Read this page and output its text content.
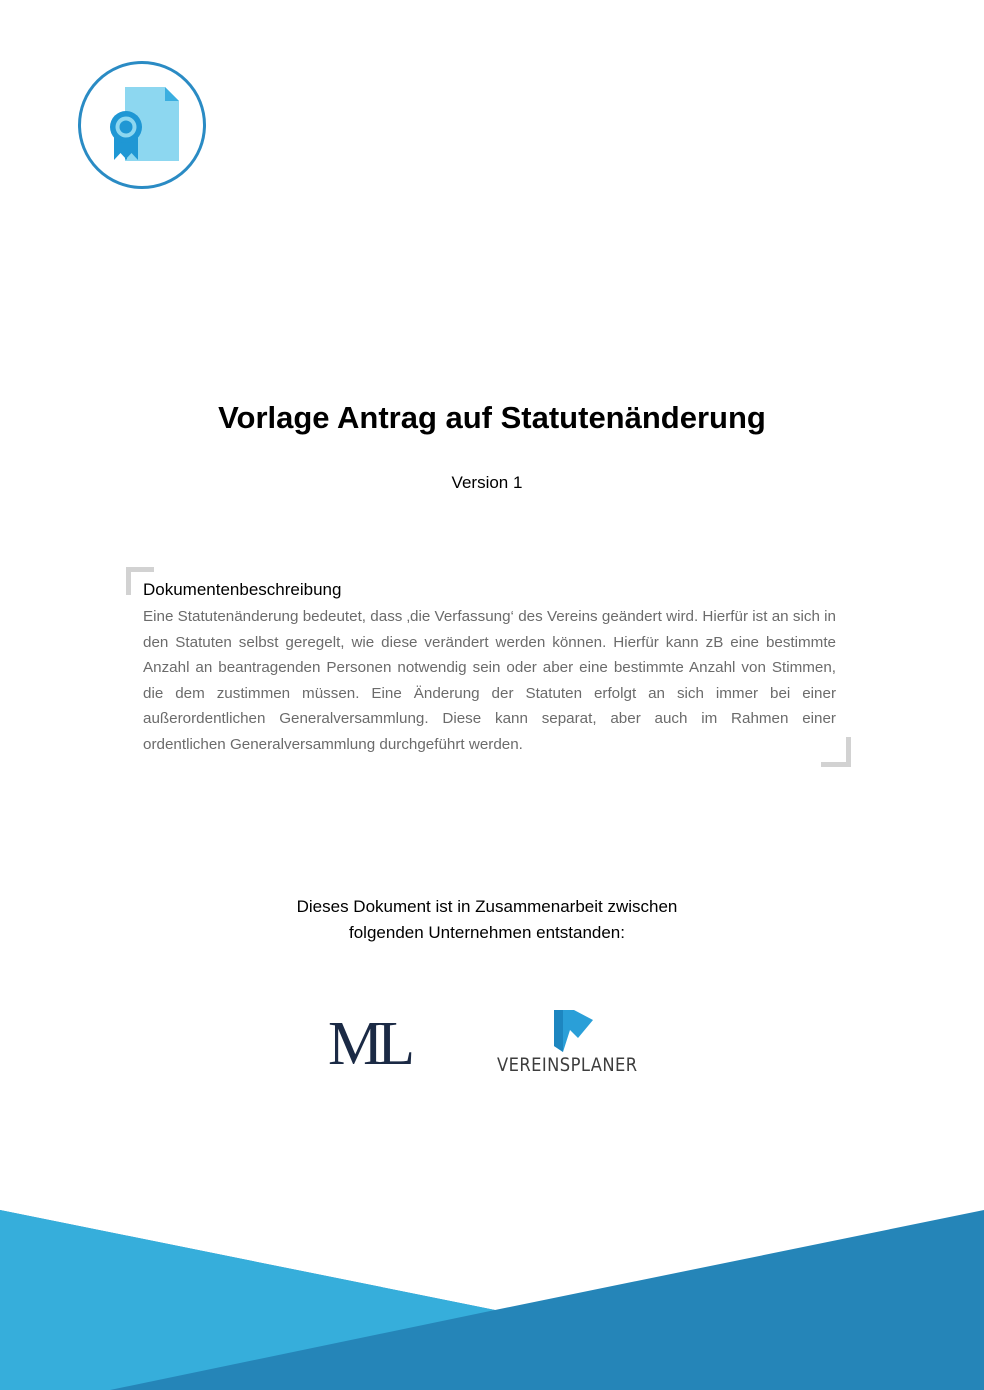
Vorlage Antrag auf Statutenänderung
Version 1

Dokumentenbeschreibung

Eine Statutenänderung bedeutet, dass ‚die Verfassung‘ des Vereins geändert wird. Hierfür ist an sich in den Statuten selbst geregelt, wie diese verändert werden können. Hierfür kann zB eine bestimmte Anzahl an beantragenden Personen notwendig sein oder aber eine bestimmte Anzahl von Stimmen, die dem zustimmen müssen. Eine Änderung der Statuten erfolgt an sich immer bei einer außerordentlichen Generalversammlung. Diese kann separat, aber auch im Rahmen einer ordentlichen Generalversammlung durchgeführt werden.

Dieses Dokument ist in Zusammenarbeit zwischen
folgenden Unternehmen entstanden:
ML	VEREINSPLANER
